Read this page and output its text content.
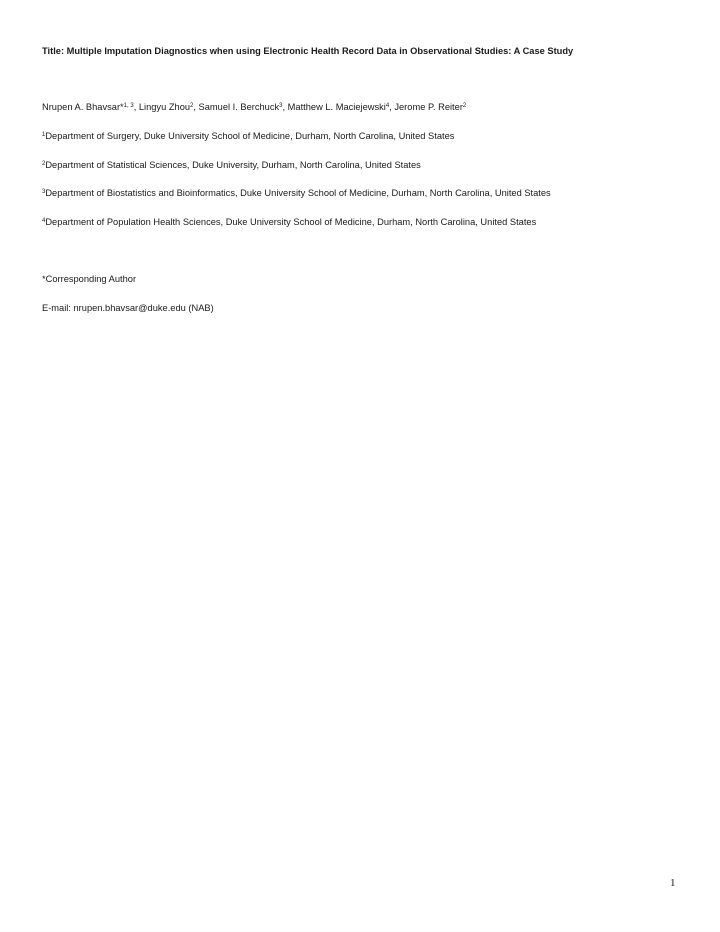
Title: Multiple Imputation Diagnostics when using Electronic Health Record Data in Observational Studies: A Case Study
Nrupen A. Bhavsar*$^{1, 3}$, Lingyu Zhou$^2$, Samuel I. Berchuck$^3$, Matthew L. Maciejewski$^4$, Jerome P. Reiter$^2$
$^1$Department of Surgery, Duke University School of Medicine, Durham, North Carolina, United States
$^2$Department of Statistical Sciences, Duke University, Durham, North Carolina, United States
$^3$Department of Biostatistics and Bioinformatics, Duke University School of Medicine, Durham, North Carolina, United States
$^4$Department of Population Health Sciences, Duke University School of Medicine, Durham, North Carolina, United States
*Corresponding Author
E-mail: nrupen.bhavsar@duke.edu (NAB)
1
